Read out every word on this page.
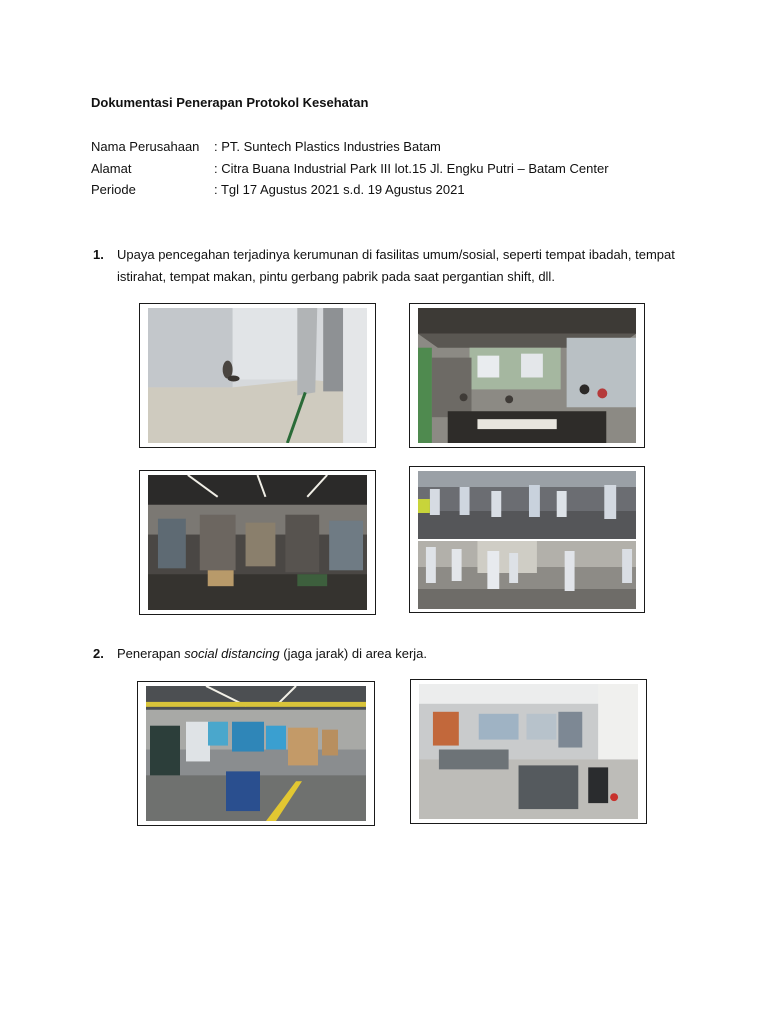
Dokumentasi Penerapan Protokol Kesehatan
Nama Perusahaan : PT. Suntech Plastics Industries Batam
Alamat	: Citra Buana Industrial Park III lot.15 Jl. Engku Putri – Batam Center
Periode	: Tgl 17 Agustus 2021 s.d. 19 Agustus 2021
1. Upaya pencegahan terjadinya kerumunan di fasilitas umum/sosial, seperti tempat ibadah, tempat istirahat, tempat makan, pintu gerbang pabrik pada saat pergantian shift, dll.
2. Penerapan social distancing (jaga jarak) di area kerja.
